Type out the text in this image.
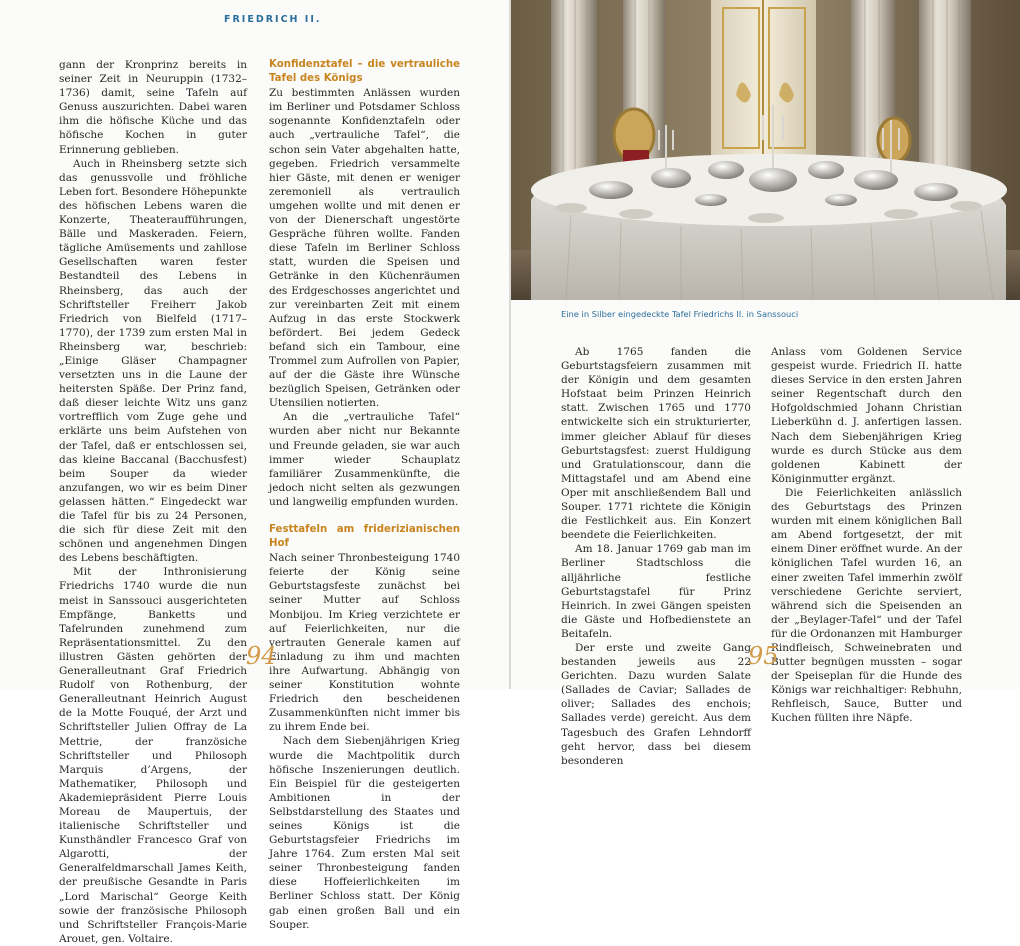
FRIEDRICH II.

gann der Kronprinz bereits in seiner Zeit in Neuruppin (1732–1736) damit, seine Tafeln auf Genuss auszurichten. Dabei waren ihm die höfische Küche und das höfische Kochen in guter Erinnerung geblieben.

Auch in Rheinsberg setzte sich das genussvolle und fröhliche Leben fort. Besondere Höhepunkte des höfischen Lebens waren die Konzerte, Theateraufführungen, Bälle und Maskeraden. Feiern, tägliche Amüsements und zahllose Gesellschaften waren fester Bestandteil des Lebens in Rheinsberg, das auch der Schriftsteller Freiherr Jakob Friedrich von Bielfeld (1717–1770), der 1739 zum ersten Mal in Rheinsberg war, beschrieb: „Einige Gläser Champagner versetzten uns in die Laune der heitersten Späße. Der Prinz fand, daß dieser leichte Witz uns ganz vortrefflich vom Zuge gehe und erklärte uns beim Aufstehen von der Tafel, daß er entschlossen sei, das kleine Baccanal (Bacchusfest) beim Souper da wieder anzufangen, wo wir es beim Diner gelassen hätten.“ Eingedeckt war die Tafel für bis zu 24 Personen, die sich für diese Zeit mit den schönen und angenehmen Dingen des Lebens beschäftigten.

Mit der Inthronisierung Friedrichs 1740 wurde die nun meist in Sanssouci ausgerichteten Empfänge, Banketts und Tafelrunden zunehmend zum Repräsentationsmittel. Zu den illustren Gästen gehörten der Generalleutnant Graf Friedrich Rudolf von Rothenburg, der Generalleutnant Heinrich August de la Motte Fouqué, der Arzt und Schriftsteller Julien Offray de La Mettrie, der französiche Schriftsteller und Philosoph Marquis d’Argens, der Mathematiker, Philosoph und Akademiepräsident Pierre Louis Moreau de Maupertuis, der italienische Schriftsteller und Kunsthändler Francesco Graf von Algarotti, der Generalfeldmarschall James Keith, der preußische Gesandte in Paris „Lord Marischal“ George Keith sowie der französische Philosoph und Schriftsteller François-Marie Arouet, gen. Voltaire.

Konfidenztafel – die vertrauliche Tafel des Königs

Zu bestimmten Anlässen wurden im Berliner und Potsdamer Schloss sogenannte Konfidenztafeln oder auch „vertrauliche Tafel“, die schon sein Vater abgehalten hatte, gegeben. Friedrich versammelte hier Gäste, mit denen er weniger zeremoniell als vertraulich umgehen wollte und mit denen er von der Dienerschaft ungestörte Gespräche führen wollte. Fanden diese Tafeln im Berliner Schloss statt, wurden die Speisen und Getränke in den Küchenräumen des Erdgeschosses angerichtet und zur vereinbarten Zeit mit einem Aufzug in das erste Stockwerk befördert. Bei jedem Gedeck befand sich ein Tambour, eine Trommel zum Aufrollen von Papier, auf der die Gäste ihre Wünsche bezüglich Speisen, Getränken oder Utensilien notierten.

An die „vertrauliche Tafel“ wurden aber nicht nur Bekannte und Freunde geladen, sie war auch immer wieder Schauplatz familiärer Zusammenkünfte, die jedoch nicht selten als gezwungen und langweilig empfunden wurden.

Festtafeln am friderizianischen Hof

Nach seiner Thronbesteigung 1740 feierte der König seine Geburtstagsfeste zunächst bei seiner Mutter auf Schloss Monbijou. Im Krieg verzichtete er auf Feierlichkeiten, nur die vertrauten Generale kamen auf Einladung zu ihm und machten ihre Aufwartung. Abhängig von seiner Konstitution wohnte Friedrich den bescheidenen Zusammenkünften nicht immer bis zu ihrem Ende bei.

Nach dem Siebenjährigen Krieg wurde die Machtpolitik durch höfische Inszenierungen deutlich. Ein Beispiel für die gesteigerten Ambitionen in der Selbstdarstellung des Staates und seines Königs ist die Geburtstagsfeier Friedrichs im Jahre 1764. Zum ersten Mal seit seiner Thronbesteigung fanden diese Hoffeierlichkeiten im Berliner Schloss statt. Der König gab einen großen Ball und ein Souper.

94
Eine in Silber eingedeckte Tafel Friedrichs II. in Sanssouci

Ab 1765 fanden die Geburtstagsfeiern zusammen mit der Königin und dem gesamten Hofstaat beim Prinzen Heinrich statt. Zwischen 1765 und 1770 entwickelte sich ein strukturierter, immer gleicher Ablauf für dieses Geburtstagsfest: zuerst Huldigung und Gratulationscour, dann die Mittagstafel und am Abend eine Oper mit anschließendem Ball und Souper. 1771 richtete die Königin die Festlichkeit aus. Ein Konzert beendete die Feierlichkeiten.

Am 18. Januar 1769 gab man im Berliner Stadtschloss die alljährliche festliche Geburtstagstafel für Prinz Heinrich. In zwei Gängen speisten die Gäste und Hofbedienstete an Beitafeln.

Der erste und zweite Gang bestanden jeweils aus 22 Gerichten. Dazu wurden Salate (Sallades de Caviar; Sallades de oliver; Sallades des enchois; Sallades verde) gereicht. Aus dem Tagesbuch des Grafen Lehndorff geht hervor, dass bei diesem besonderen

Anlass vom Goldenen Service gespeist wurde. Friedrich II. hatte dieses Service in den ersten Jahren seiner Regentschaft durch den Hofgoldschmied Johann Christian Lieberkühn d. J. anfertigen lassen. Nach dem Siebenjährigen Krieg wurde es durch Stücke aus dem goldenen Kabinett der Königinmutter ergänzt.

Die Feierlichkeiten anlässlich des Geburtstags des Prinzen wurden mit einem königlichen Ball am Abend fortgesetzt, der mit einem Diner eröffnet wurde. An der königlichen Tafel wurden 16, an einer zweiten Tafel immerhin zwölf verschiedene Gerichte serviert, während sich die Speisenden an der „Beylager-Tafel“ und der Tafel für die Ordonanzen mit Hamburger Rindfleisch, Schweinebraten und Butter begnügen mussten – sogar der Speiseplan für die Hunde des Königs war reichhaltiger: Rebhuhn, Rehfleisch, Sauce, Butter und Kuchen füllten ihre Näpfe.

95
